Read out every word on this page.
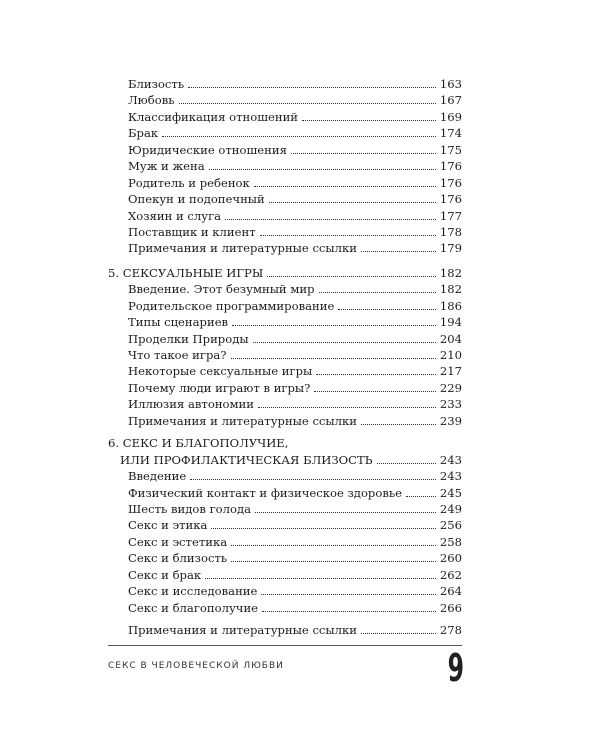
Близость	163
Любовь	167
Классификация отношений	169
Брак	174
Юридические отношения	175
Муж и жена	176
Родитель и ребенок	176
Опекун и подопечный	176
Хозяин и слуга	177
Поставщик и клиент	178
Примечания и литературные ссылки	179
5. СЕКСУАЛЬНЫЕ ИГРЫ	182
Введение. Этот безумный мир	182
Родительское программирование	186
Типы сценариев	194
Проделки Природы	204
Что такое игра?	210
Некоторые сексуальные игры	217
Почему люди играют в игры?	229
Иллюзия автономии	233
Примечания и литературные ссылки	239
6. СЕКС И БЛАГОПОЛУЧИЕ,
ИЛИ ПРОФИЛАКТИЧЕСКАЯ БЛИЗОСТЬ	243
Введение	243
Физический контакт и физическое здоровье	245
Шесть видов голода	249
Секс и этика	256
Секс и эстетика	258
Секс и близость	260
Секс и брак	262
Секс и исследование	264
Секс и благополучие	266
Примечания и литературные ссылки	278
СЕКС В ЧЕЛОВЕЧЕСКОЙ ЛЮБВИ	9
